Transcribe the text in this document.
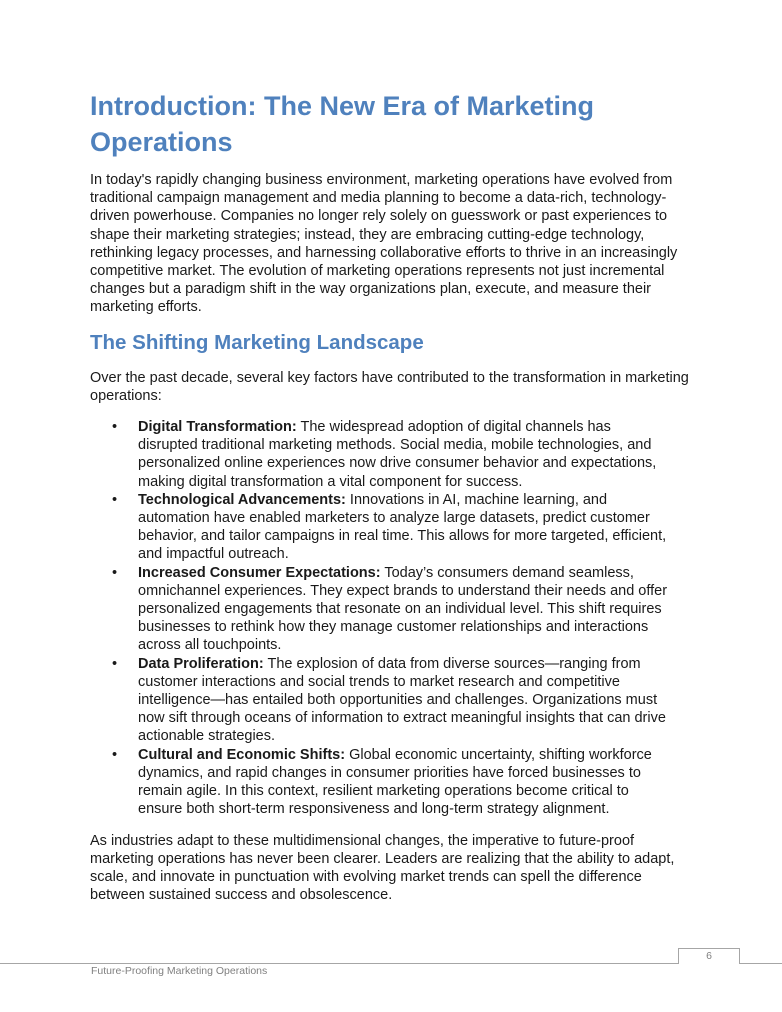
Introduction: The New Era of Marketing Operations

In today's rapidly changing business environment, marketing operations have evolved from traditional campaign management and media planning to become a data-rich, technology-driven powerhouse. Companies no longer rely solely on guesswork or past experiences to shape their marketing strategies; instead, they are embracing cutting-edge technology, rethinking legacy processes, and harnessing collaborative efforts to thrive in an increasingly competitive market. The evolution of marketing operations represents not just incremental changes but a paradigm shift in the way organizations plan, execute, and measure their marketing efforts.

The Shifting Marketing Landscape

Over the past decade, several key factors have contributed to the transformation in marketing operations:

• Digital Transformation: The widespread adoption of digital channels has disrupted traditional marketing methods. Social media, mobile technologies, and personalized online experiences now drive consumer behavior and expectations, making digital transformation a vital component for success.
• Technological Advancements: Innovations in AI, machine learning, and automation have enabled marketers to analyze large datasets, predict customer behavior, and tailor campaigns in real time. This allows for more targeted, efficient, and impactful outreach.
• Increased Consumer Expectations: Today’s consumers demand seamless, omnichannel experiences. They expect brands to understand their needs and offer personalized engagements that resonate on an individual level. This shift requires businesses to rethink how they manage customer relationships and interactions across all touchpoints.
• Data Proliferation: The explosion of data from diverse sources—ranging from customer interactions and social trends to market research and competitive intelligence—has entailed both opportunities and challenges. Organizations must now sift through oceans of information to extract meaningful insights that can drive actionable strategies.
• Cultural and Economic Shifts: Global economic uncertainty, shifting workforce dynamics, and rapid changes in consumer priorities have forced businesses to remain agile. In this context, resilient marketing operations become critical to ensure both short-term responsiveness and long-term strategy alignment.

As industries adapt to these multidimensional changes, the imperative to future-proof marketing operations has never been clearer. Leaders are realizing that the ability to adapt, scale, and innovate in punctuation with evolving market trends can spell the difference between sustained success and obsolescence.

6
Future-Proofing Marketing Operations
